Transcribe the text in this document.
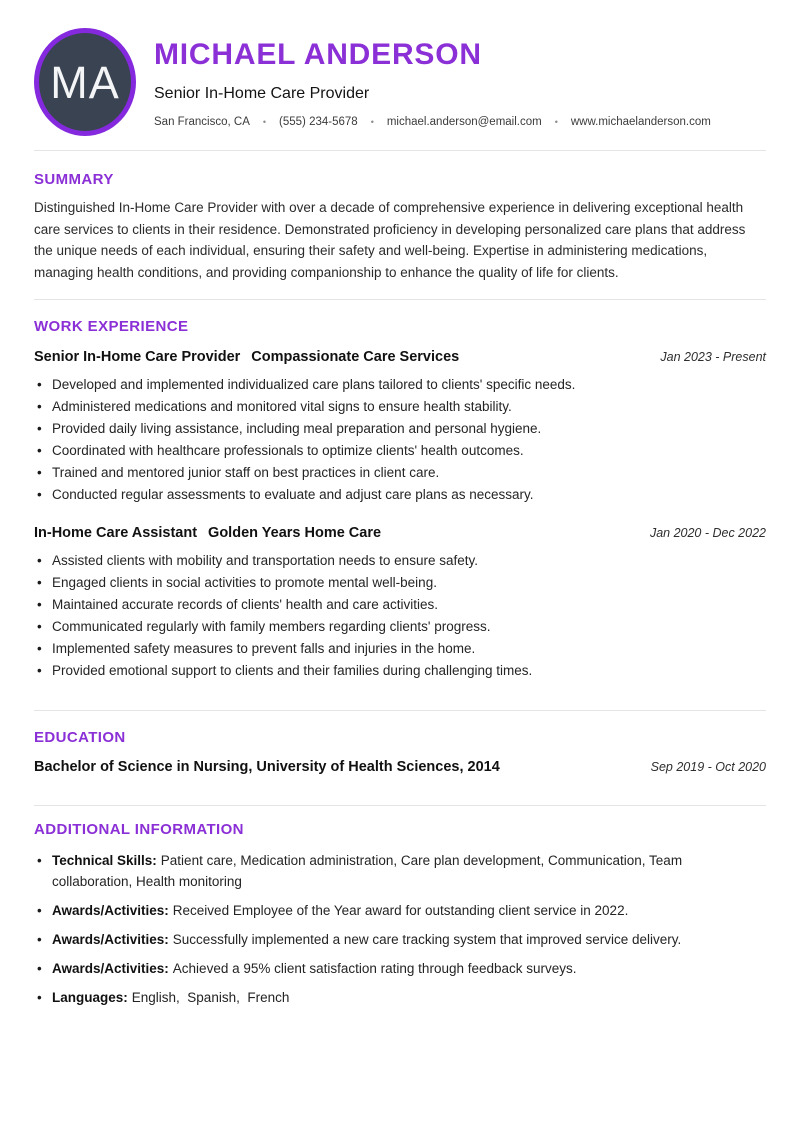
MA
MICHAEL ANDERSON
Senior In-Home Care Provider
San Francisco, CA • (555) 234-5678 • michael.anderson@email.com • www.michaelanderson.com
SUMMARY

Distinguished In-Home Care Provider with over a decade of comprehensive experience in delivering exceptional health care services to clients in their residence. Demonstrated proficiency in developing personalized care plans that address the unique needs of each individual, ensuring their safety and well-being. Expertise in administering medications, managing health conditions, and providing companionship to enhance the quality of life for clients.

WORK EXPERIENCE
Senior In-Home Care Provider Compassionate Care Services	Jan 2023 - Present
• Developed and implemented individualized care plans tailored to clients' specific needs.
• Administered medications and monitored vital signs to ensure health stability.
• Provided daily living assistance, including meal preparation and personal hygiene.
• Coordinated with healthcare professionals to optimize clients' health outcomes.
• Trained and mentored junior staff on best practices in client care.
• Conducted regular assessments to evaluate and adjust care plans as necessary.
In-Home Care Assistant Golden Years Home Care	Jan 2020 - Dec 2022
• Assisted clients with mobility and transportation needs to ensure safety.
• Engaged clients in social activities to promote mental well-being.
• Maintained accurate records of clients' health and care activities.
• Communicated regularly with family members regarding clients' progress.
• Implemented safety measures to prevent falls and injuries in the home.
• Provided emotional support to clients and their families during challenging times.
EDUCATION
Bachelor of Science in Nursing, University of Health Sciences, 2014	Sep 2019 - Oct 2020
ADDITIONAL INFORMATION
• Technical Skills: Patient care, Medication administration, Care plan development, Communication, Team collaboration, Health monitoring
• Awards/Activities: Received Employee of the Year award for outstanding client service in 2022.
• Awards/Activities: Successfully implemented a new care tracking system that improved service delivery.
• Awards/Activities: Achieved a 95% client satisfaction rating through feedback surveys.
• Languages: English,  Spanish,  French
